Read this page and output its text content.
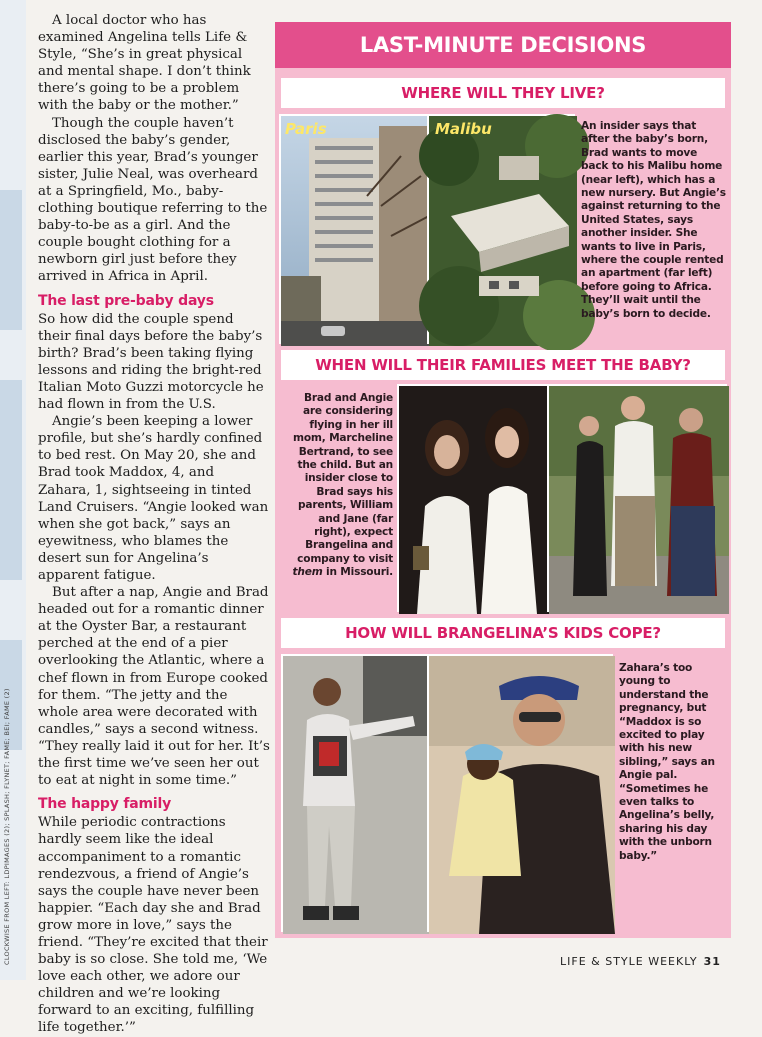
CLOCKWISE FROM LEFT: LDPIMAGES (2); SPLASH; FLYNET; FAME; BEI; FAME (2)

A local doctor who has examined Angelina tells Life & Style, “She’s in great physical and mental shape. I don’t think there’s going to be a problem with the baby or the mother.”

Though the couple haven’t disclosed the baby’s gender, earlier this year, Brad’s younger sister, Julie Neal, was overheard at a Springfield, Mo., baby-clothing boutique referring to the baby-to-be as a girl. And the couple bought clothing for a newborn girl just before they arrived in Africa in April.

The last pre-baby days

So how did the couple spend their final days before the baby’s birth? Brad’s been taking flying lessons and riding the bright-red Italian Moto Guzzi motorcycle he had flown in from the U.S.

Angie’s been keeping a lower profile, but she’s hardly confined to bed rest. On May 20, she and Brad took Maddox, 4, and Zahara, 1, sightseeing in tinted Land Cruisers. “Angie looked wan when she got back,” says an eyewitness, who blames the desert sun for Angelina’s apparent fatigue.

But after a nap, Angie and Brad headed out for a romantic dinner at the Oyster Bar, a restaurant perched at the end of a pier overlooking the Atlantic, where a chef flown in from Europe cooked for them. “The jetty and the whole area were decorated with candles,” says a second witness. “They really laid it out for her. It’s the first time we’ve seen her out to eat at night in some time.”

The happy family

While periodic contractions hardly seem like the ideal accompaniment to a romantic rendezvous, a friend of Angie’s says the couple have never been happier. “Each day she and Brad grow more in love,” says the friend. “They’re excited that their baby is so close. She told me, ‘We love each other, we adore our children and we’re looking forward to an exciting, fulfilling life together.’”

LAST-MINUTE DECISIONS
WHERE WILL THEY LIVE?
Paris	Malibu	An insider says that after the baby’s born, Brad wants to move back to his Malibu home (near left), which has a new nursery. But Angie’s against returning to the United States, says another insider. She wants to live in Paris, where the couple rented an apartment (far left) before going to Africa. They’ll wait until the baby’s born to decide.
WHEN WILL THEIR FAMILIES MEET THE BABY?
Brad and Angie are considering flying in her ill mom, Marcheline Bertrand, to see the child. But an insider close to Brad says his parents, William and Jane (far right), expect Brangelina and company to visit them in Missouri.
HOW WILL BRANGELINA’S KIDS COPE?
Zahara’s too young to understand the pregnancy, but “Maddox is so excited to play with his new sibling,” says an Angie pal. “Sometimes he even talks to Angelina’s belly, sharing his day with the unborn baby.”
LIFE & STYLE WEEKLY 31
